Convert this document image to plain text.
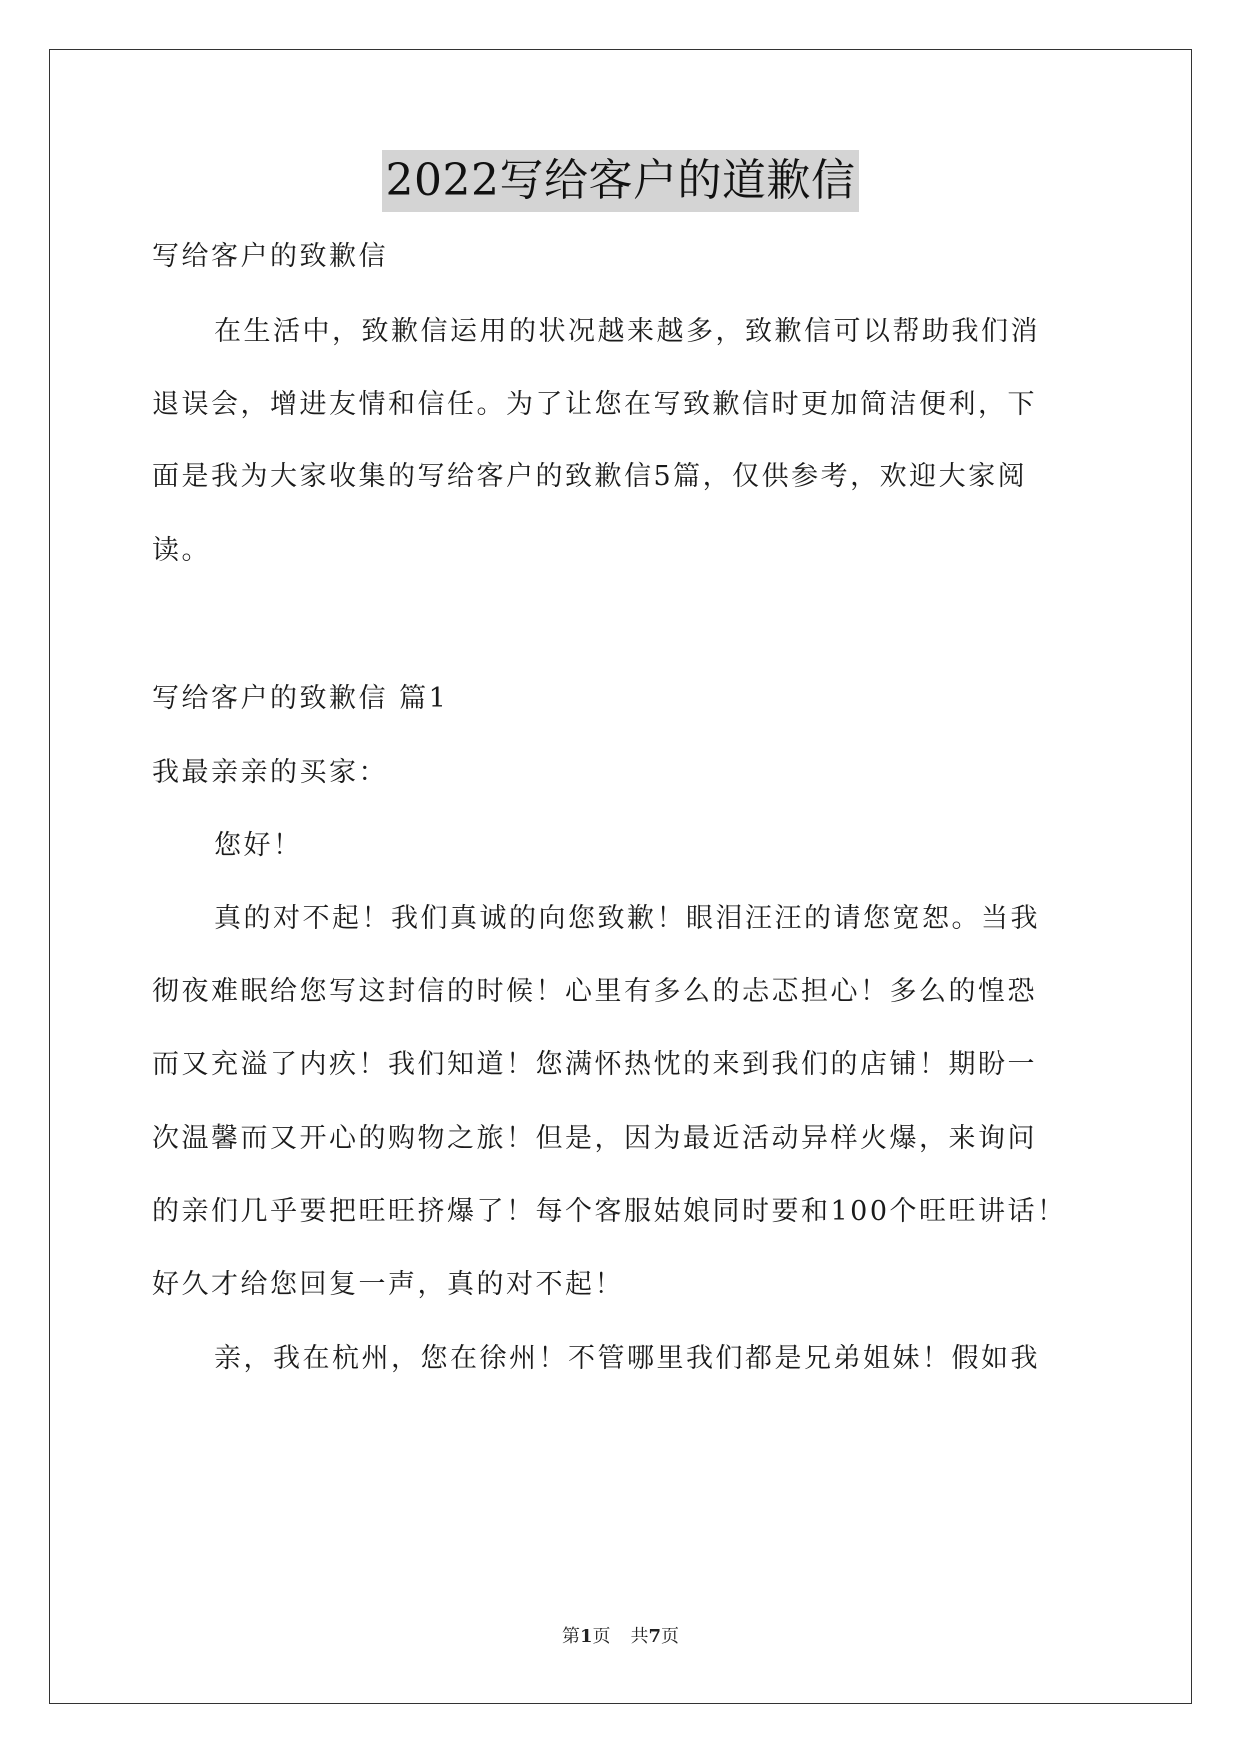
2022写给客户的道歉信
写给客户的致歉信
在生活中，致歉信运用的状况越来越多，致歉信可以帮助我们消
退误会，增进友情和信任。为了让您在写致歉信时更加简洁便利，下
面是我为大家收集的写给客户的致歉信5篇，仅供参考，欢迎大家阅
读。
写给客户的致歉信 篇1
我最亲亲的买家：
您好！
真的对不起！我们真诚的向您致歉！眼泪汪汪的请您宽恕。当我
彻夜难眠给您写这封信的时候！心里有多么的忐忑担心！多么的惶恐
而又充溢了内疚！我们知道！您满怀热忱的来到我们的店铺！期盼一
次温馨而又开心的购物之旅！但是，因为最近活动异样火爆，来询问
的亲们几乎要把旺旺挤爆了！每个客服姑娘同时要和100个旺旺讲话！
好久才给您回复一声，真的对不起！
亲，我在杭州，您在徐州！不管哪里我们都是兄弟姐妹！假如我
第1页 共7页
